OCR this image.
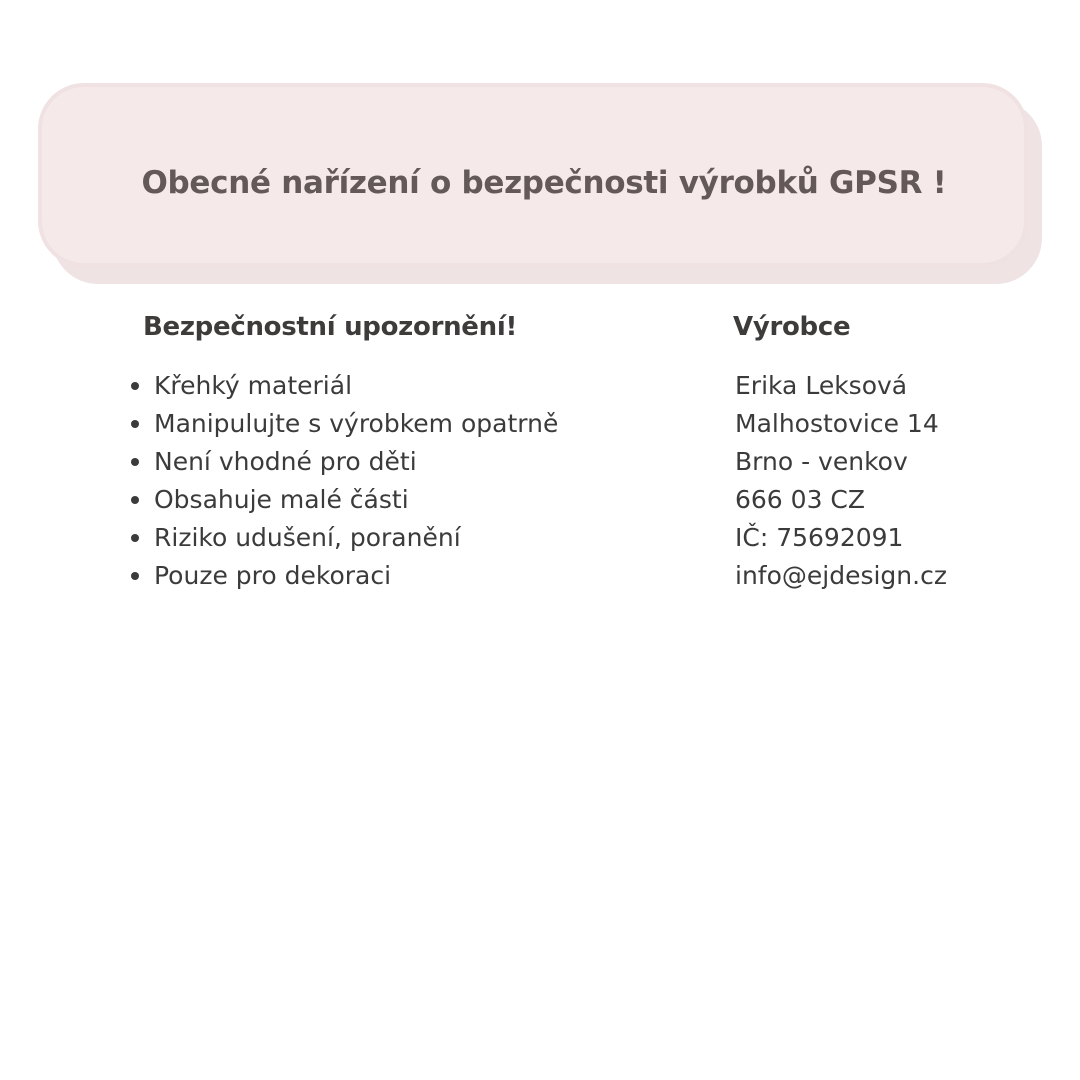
Obecné nařízení o bezpečnosti výrobků GPSR !
Bezpečnostní upozornění!
Křehký materiál
Manipulujte s výrobkem opatrně
Není vhodné pro děti
Obsahuje malé části
Riziko udušení, poranění
Pouze pro dekoraci
Výrobce
Erika Leksová
Malhostovice 14
Brno - venkov
666 03 CZ
IČ: 75692091
info@ejdesign.cz
